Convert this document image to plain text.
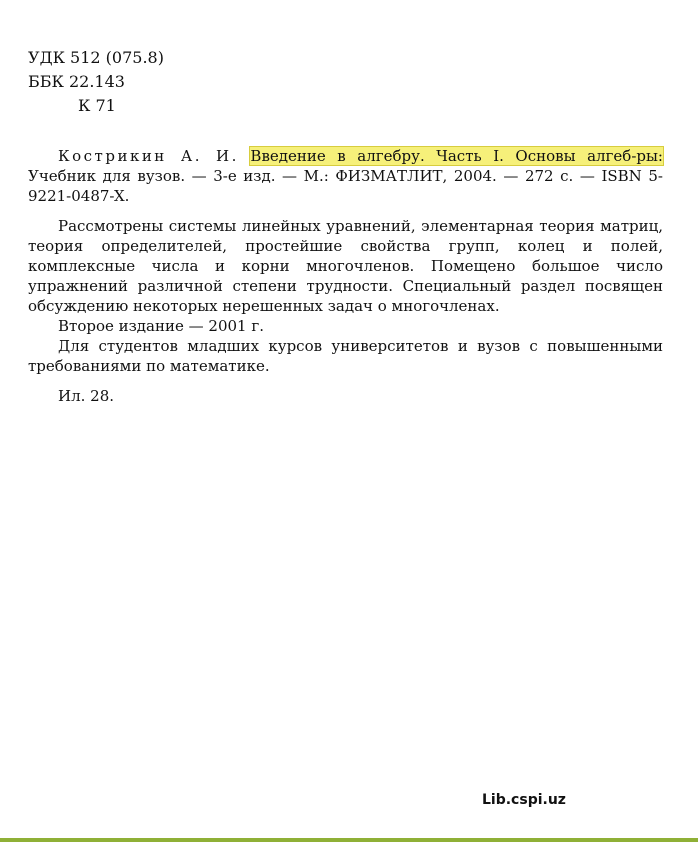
УДК 512 (075.8)
ББК 22.143
К 71

Кострикин А. И. Введение в алгебру. Часть I. Основы алгеб-ры: Учебник для вузов. — 3-е изд. — М.: ФИЗМАТЛИТ, 2004. — 272 с. — ISBN 5-9221-0487-X.

Рассмотрены системы линейных уравнений, элементарная теория матриц, теория определителей, простейшие свойства групп, колец и полей, комплексные числа и корни многочленов. Помещено большое число упражнений различной степени трудности. Специальный раздел посвящен обсуждению некоторых нерешенных задач о многочленах.

Второе издание — 2001 г.

Для студентов младших курсов университетов и вузов с повышенными требованиями по математике.

Ил. 28.

Lib.cspi.uz
